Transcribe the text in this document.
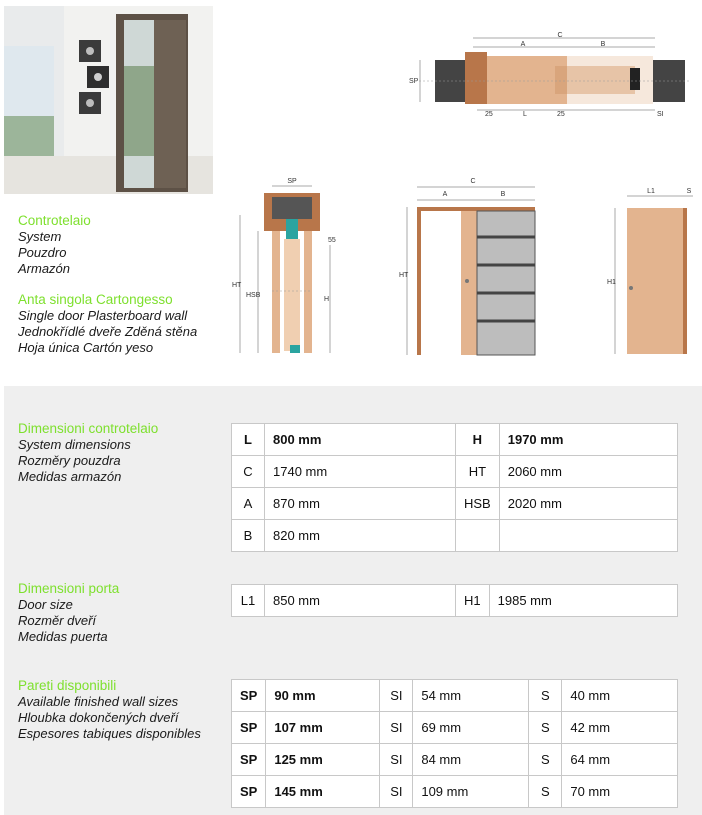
Controtelaio
System
Pouzdro
Armazón
Anta singola Cartongesso
Single door Plasterboard wall
Jednokřídlé dveře Zděná stěna
Hoja única Cartón yeso
C
A	B
SP
25	L	25	SI
SP
55
HT
HSB
H
C
A	B
HT
L1	S
H1
Dimensioni controtelaio
System dimensions
Rozměry pouzdra
Medidas armazón
L	800 mm	H	1970 mm
C	1740 mm	HT	2060 mm
A	870 mm	HSB	2020 mm
B	820 mm		
Dimensioni porta
Door size
Rozměr dveří
Medidas puerta
L1	850 mm	H1	1985 mm
Pareti disponibili
Available finished wall sizes
Hloubka dokončených dveří
Espesores tabiques disponibles
SP	90 mm	SI	54 mm	S	40 mm
SP	107 mm	SI	69 mm	S	42 mm
SP	125 mm	SI	84 mm	S	64 mm
SP	145 mm	SI	109 mm	S	70 mm
